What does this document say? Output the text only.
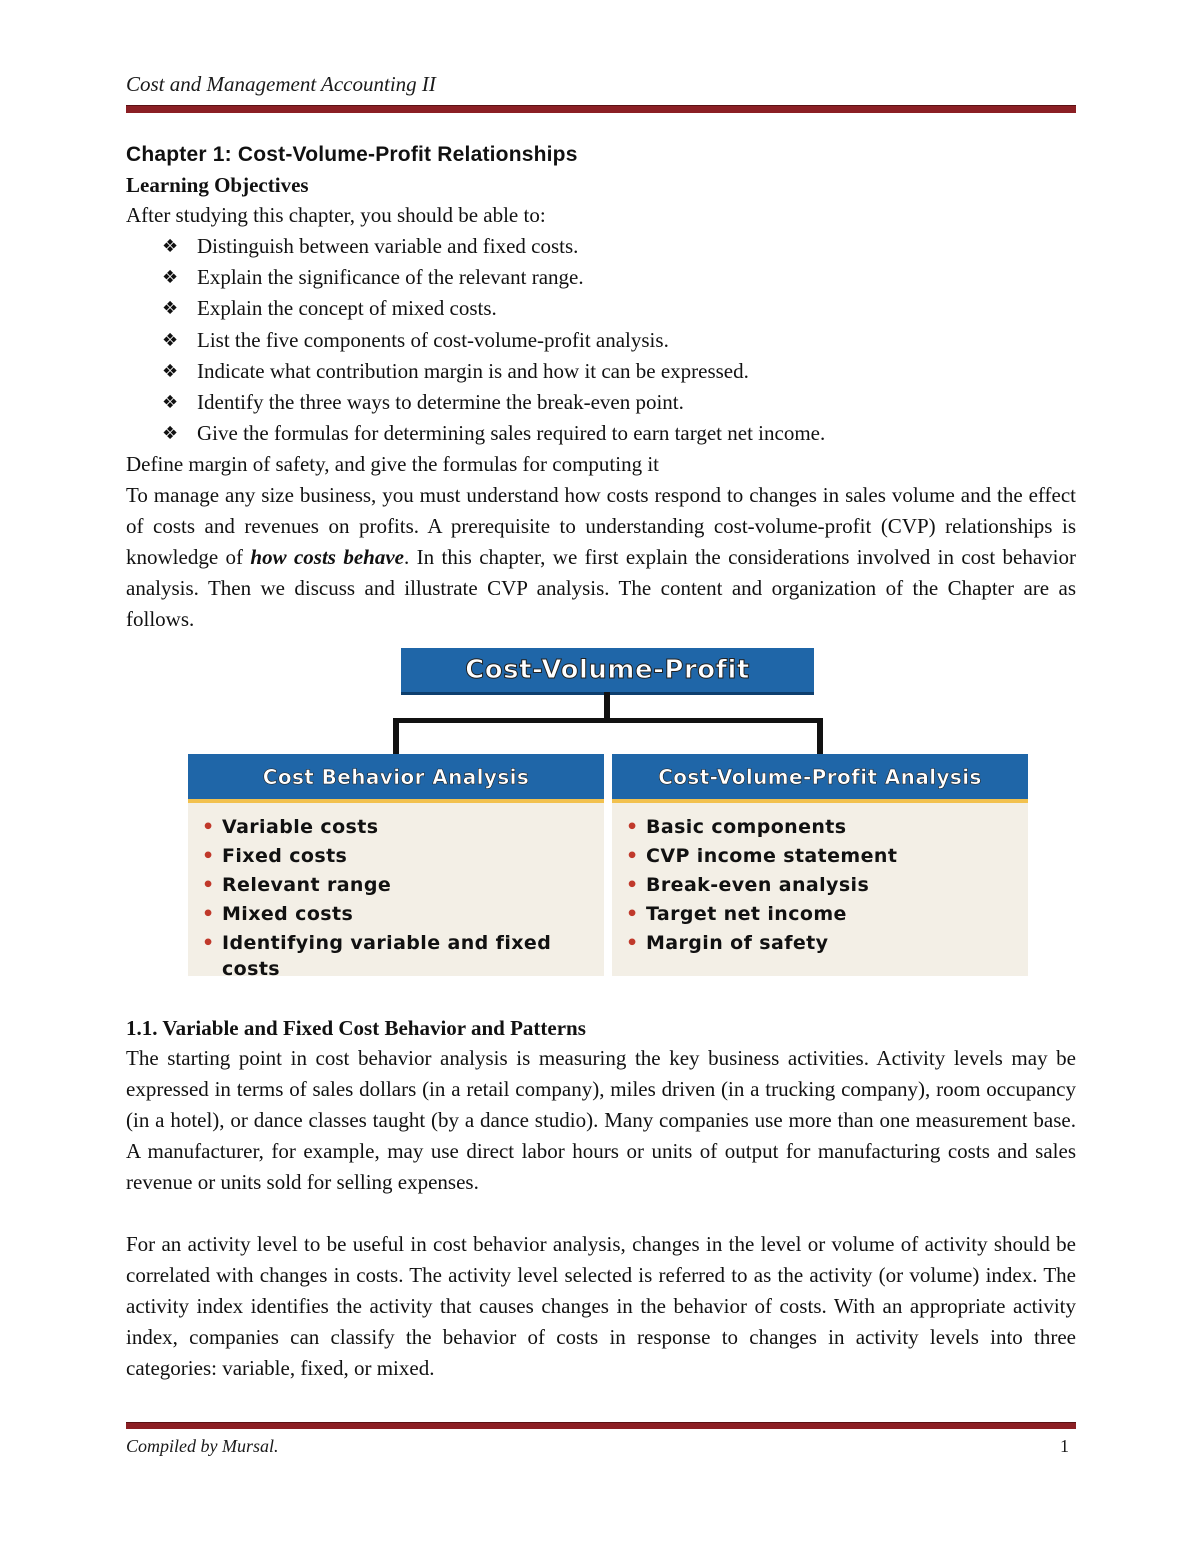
Cost and Management Accounting II
Chapter 1: Cost-Volume-Profit Relationships
Learning Objectives

After studying this chapter, you should be able to:

❖ Distinguish between variable and fixed costs.
❖ Explain the significance of the relevant range.
❖ Explain the concept of mixed costs.
❖ List the five components of cost-volume-profit analysis.
❖ Indicate what contribution margin is and how it can be expressed.
❖ Identify the three ways to determine the break-even point.
❖ Give the formulas for determining sales required to earn target net income.

Define margin of safety, and give the formulas for computing it

To manage any size business, you must understand how costs respond to changes in sales volume and the effect of costs and revenues on profits. A prerequisite to understanding cost-volume-profit (CVP) relationships is knowledge of how costs behave. In this chapter, we first explain the considerations involved in cost behavior analysis. Then we discuss and illustrate CVP analysis. The content and organization of the Chapter are as follows.

Cost-Volume-Profit
Cost Behavior Analysis
• Variable costs
• Fixed costs
• Relevant range
• Mixed costs
• Identifying variable and fixed
costs
Cost-Volume-Profit Analysis
• Basic components
• CVP income statement
• Break-even analysis
• Target net income
• Margin of safety
1.1. Variable and Fixed Cost Behavior and Patterns

The starting point in cost behavior analysis is measuring the key business activities. Activity levels may be expressed in terms of sales dollars (in a retail company), miles driven (in a trucking company), room occupancy (in a hotel), or dance classes taught (by a dance studio). Many companies use more than one measurement base. A manufacturer, for example, may use direct labor hours or units of output for manufacturing costs and sales revenue or units sold for selling expenses.

For an activity level to be useful in cost behavior analysis, changes in the level or volume of activity should be correlated with changes in costs. The activity level selected is referred to as the activity (or volume) index. The activity index identifies the activity that causes changes in the behavior of costs. With an appropriate activity index, companies can classify the behavior of costs in response to changes in activity levels into three categories: variable, fixed, or mixed.

Compiled by Mursal.	1
